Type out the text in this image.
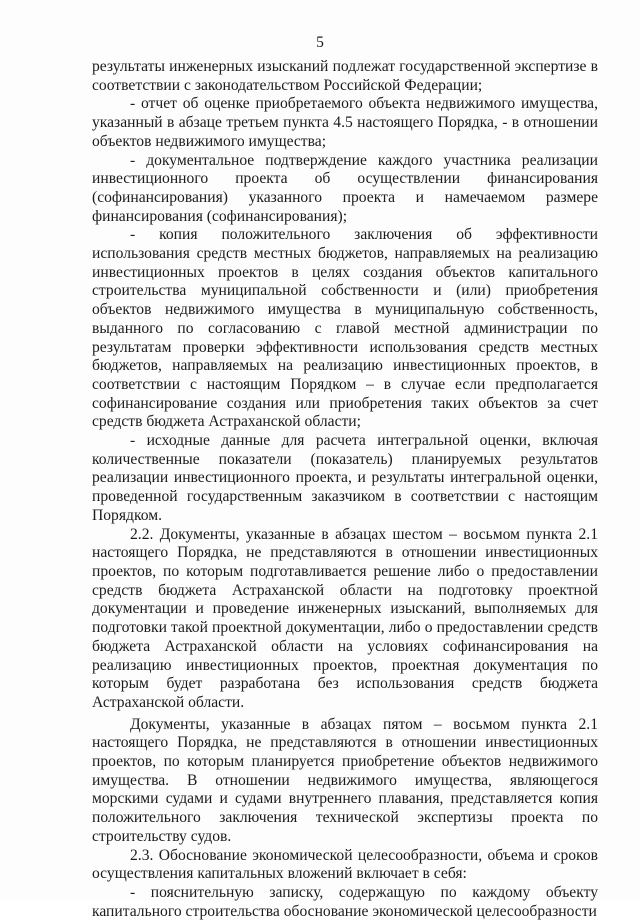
5

результаты инженерных изысканий подлежат государственной экспертизе в соответствии с законодательством Российской Федерации;

- отчет об оценке приобретаемого объекта недвижимого имущества, указанный в абзаце третьем пункта 4.5 настоящего Порядка, - в отношении объектов недвижимого имущества;

- документальное подтверждение каждого участника реализации инвестиционного проекта об осуществлении финансирования (софинансирования) указанного проекта и намечаемом размере финансирования (софинансирования);

- копия положительного заключения об эффективности использования средств местных бюджетов, направляемых на реализацию инвестиционных проектов в целях создания объектов капитального строительства муниципальной собственности и (или) приобретения объектов недвижимого имущества в муниципальную собственность, выданного по согласованию с главой местной администрации по результатам проверки эффективности использования средств местных бюджетов, направляемых на реализацию инвестиционных проектов, в соответствии с настоящим Порядком – в случае если предполагается софинансирование создания или приобретения таких объектов за счет средств бюджета Астраханской области;

- исходные данные для расчета интегральной оценки, включая количественные показатели (показатель) планируемых результатов реализации инвестиционного проекта, и результаты интегральной оценки, проведенной государственным заказчиком в соответствии с настоящим Порядком.

2.2. Документы, указанные в абзацах шестом – восьмом пункта 2.1 настоящего Порядка, не представляются в отношении инвестиционных проектов, по которым подготавливается решение либо о предоставлении средств бюджета Астраханской области на подготовку проектной документации и проведение инженерных изысканий, выполняемых для подготовки такой проектной документации, либо о предоставлении средств бюджета Астраханской области на условиях софинансирования на реализацию инвестиционных проектов, проектная документация по которым будет разработана без использования средств бюджета Астраханской области.

Документы, указанные в абзацах пятом – восьмом пункта 2.1 настоящего Порядка, не представляются в отношении инвестиционных проектов, по которым планируется приобретение объектов недвижимого имущества. В отношении недвижимого имущества, являющегося морскими судами и судами внутреннего плавания, представляется копия положительного заключения технической экспертизы проекта по строительству судов.

2.3. Обоснование экономической целесообразности, объема и сроков осуществления капитальных вложений включает в себя:

- пояснительную записку, содержащую по каждому объекту капитального строительства обоснование экономической целесообразности
